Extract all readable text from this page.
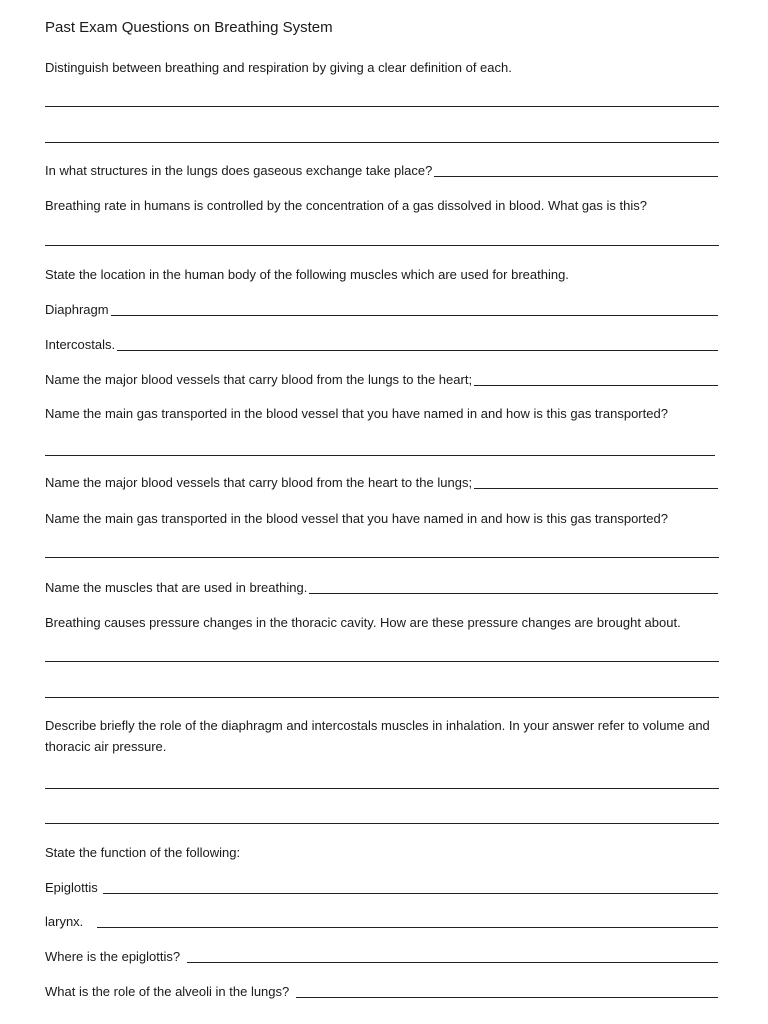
Past Exam Questions on Breathing System
Distinguish between breathing and respiration by giving a clear definition of each.
In what structures in the lungs does gaseous exchange take place?
Breathing rate in humans is controlled by the concentration of a gas dissolved in blood. What gas is this?
State the location in the human body of the following muscles which are used for breathing.
Diaphragm
Intercostals.
Name the major blood vessels that carry blood from the lungs to the heart;
Name the main gas transported in the blood vessel that you have named in and how is this gas transported?
Name the major blood vessels that carry blood from the heart to the lungs;
Name the main gas transported in the blood vessel that you have named in and how is this gas transported?
Name the muscles that are used in breathing.
Breathing causes pressure changes in the thoracic cavity. How are these pressure changes are brought about.
Describe briefly the role of the diaphragm and intercostals muscles in inhalation. In your answer refer to volume and thoracic air pressure.
State the function of the following:
Epiglottis
larynx.
Where is the epiglottis?
What is the role of the alveoli in the lungs?
